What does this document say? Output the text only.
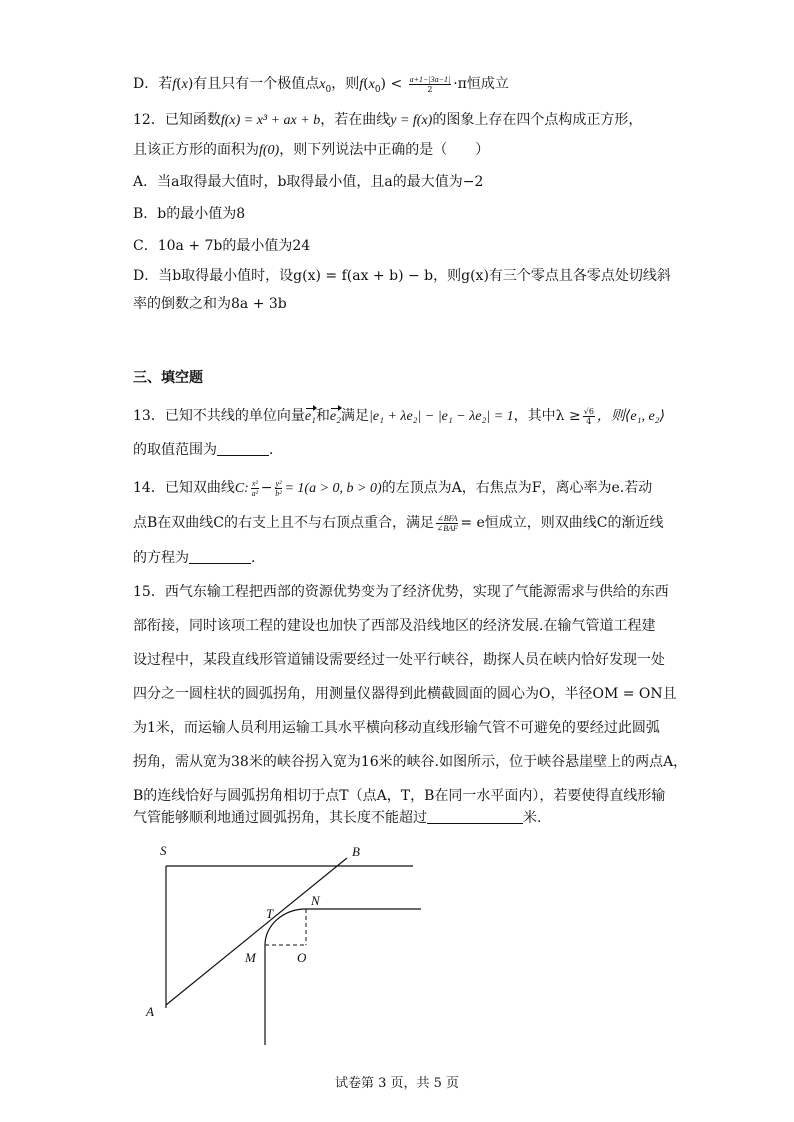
D．若f(x)有且只有一个极值点$x_0$，则$f(x_0) < \frac{a+1-|3a-1|}{2} \cdot\pi$恒成立
12．已知函数f(x) = x³ + ax + b，若在曲线y = f(x)的图象上存在四个点构成正方形，
且该正方形的面积为f(0)，则下列说法中正确的是（　　）
A．当a取得最大值时，b取得最小值，且a的最大值为−2
B．b的最小值为8
C．10a + 7b的最小值为24
D．当b取得最小值时，设g(x) = f(ax + b) − b，则g(x)有三个零点且各零点处切线斜
率的倒数之和为8a + 3b
三、填空题
13．已知不共线的单位向量e₁和e₂满足|e₁ + λe₂| − |e₁ − λe₂| = 1，其中$\lambda \ge \frac{√6}{4}$ ，则⟨e₁, e₂⟩
的取值范围为	.
14．已知双曲线C: $\frac{\text{x²}}{\text{a²}} - \frac{\text{y²}}{\text{b²}} = 1(a > 0$, b > 0)的左顶点为A，右焦点为F，离心率为e.若动
点B在双曲线C的右支上且不与右顶点重合，满足 $\frac{\text{∠BFA}}{\text{∠BAF}} = e$恒成立，则双曲线C的渐近线
的方程为	.
15．西气东输工程把西部的资源优势变为了经济优势，实现了气能源需求与供给的东西
部衔接，同时该项工程的建设也加快了西部及沿线地区的经济发展.在输气管道工程建
设过程中，某段直线形管道铺设需要经过一处平行峡谷，勘探人员在峡内恰好发现一处
四分之一圆柱状的圆弧拐角，用测量仪器得到此横截圆面的圆心为O，半径OM = ON且
为1米，而运输人员利用运输工具水平横向移动直线形输气管不可避免的要经过此圆弧
拐角，需从宽为38米的峡谷拐入宽为16米的峡谷.如图所示，位于峡谷悬崖壁上的两点A，
B的连线恰好与圆弧拐角相切于点T（点A，T，B在同一水平面内），若要使得直线形输
气管能够顺利地通过圆弧拐角，其长度不能超过	米.
S	B
T
N
M	O
A
试卷第 3 页，共 5 页
